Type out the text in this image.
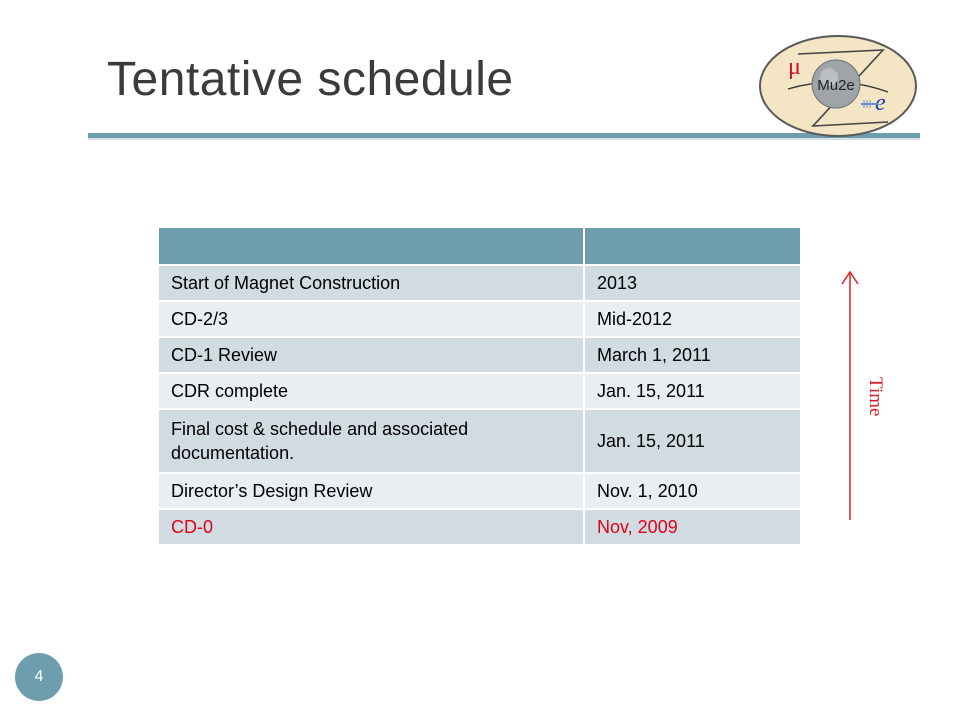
Tentative schedule	Mu2e
μ
e

Start of Magnet Construction	2013
CD-2/3	Mid-2012
CD-1 Review	March 1, 2011
CDR complete	Jan. 15, 2011
Final cost & schedule and associated documentation.	Jan. 15, 2011
Director’s Design Review	Nov. 1, 2010
CD-0	Nov, 2009
Time
4
